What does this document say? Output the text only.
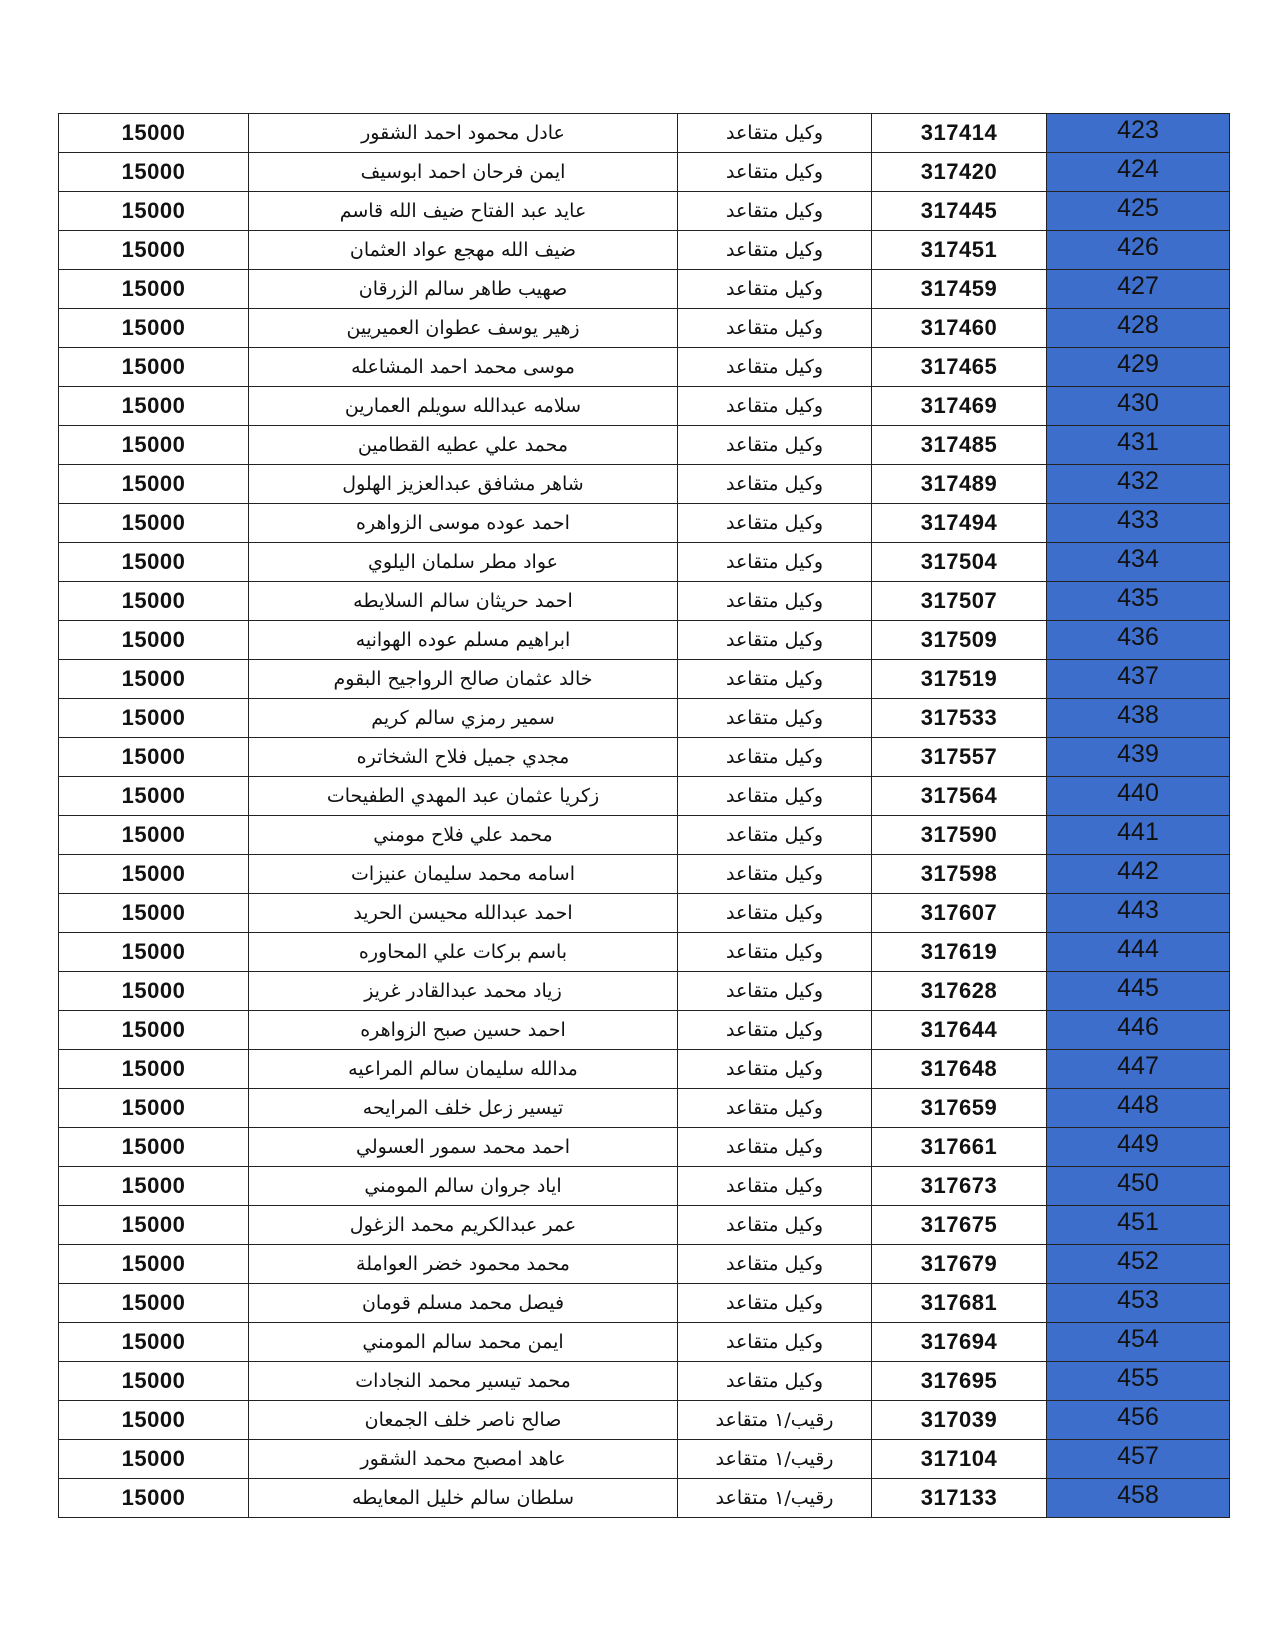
15000	عادل محمود احمد الشقور	وكيل متقاعد	317414	423
15000	ايمن فرحان احمد ابوسيف	وكيل متقاعد	317420	424
15000	عايد عبد الفتاح ضيف الله قاسم	وكيل متقاعد	317445	425
15000	ضيف الله مهجع عواد العثمان	وكيل متقاعد	317451	426
15000	صهيب طاهر سالم الزرقان	وكيل متقاعد	317459	427
15000	زهير يوسف عطوان العميريين	وكيل متقاعد	317460	428
15000	موسى محمد احمد المشاعله	وكيل متقاعد	317465	429
15000	سلامه عبدالله سويلم العمارين	وكيل متقاعد	317469	430
15000	محمد علي عطيه القطامين	وكيل متقاعد	317485	431
15000	شاهر مشافق عبدالعزيز الهلول	وكيل متقاعد	317489	432
15000	احمد عوده موسى الزواهره	وكيل متقاعد	317494	433
15000	عواد مطر سلمان اليلوي	وكيل متقاعد	317504	434
15000	احمد حريثان سالم السلايطه	وكيل متقاعد	317507	435
15000	ابراهيم مسلم عوده الهوانيه	وكيل متقاعد	317509	436
15000	خالد عثمان صالح الرواجيح البقوم	وكيل متقاعد	317519	437
15000	سمير رمزي سالم كريم	وكيل متقاعد	317533	438
15000	مجدي جميل فلاح الشخاتره	وكيل متقاعد	317557	439
15000	زكريا عثمان عبد المهدي الطفيحات	وكيل متقاعد	317564	440
15000	محمد علي فلاح مومني	وكيل متقاعد	317590	441
15000	اسامه محمد سليمان عنيزات	وكيل متقاعد	317598	442
15000	احمد عبدالله محيسن الحريد	وكيل متقاعد	317607	443
15000	باسم بركات علي المحاوره	وكيل متقاعد	317619	444
15000	زياد محمد عبدالقادر غريز	وكيل متقاعد	317628	445
15000	احمد حسين صبح الزواهره	وكيل متقاعد	317644	446
15000	مدالله سليمان سالم المراعيه	وكيل متقاعد	317648	447
15000	تيسير زعل خلف المرايحه	وكيل متقاعد	317659	448
15000	احمد محمد سمور العسولي	وكيل متقاعد	317661	449
15000	اياد جروان سالم المومني	وكيل متقاعد	317673	450
15000	عمر عبدالكريم محمد الزغول	وكيل متقاعد	317675	451
15000	محمد محمود خضر العواملة	وكيل متقاعد	317679	452
15000	فيصل محمد مسلم قومان	وكيل متقاعد	317681	453
15000	ايمن محمد سالم المومني	وكيل متقاعد	317694	454
15000	محمد تيسير محمد النجادات	وكيل متقاعد	317695	455
15000	صالح ناصر خلف الجمعان	رقيب/١ متقاعد	317039	456
15000	عاهد امصبح محمد الشقور	رقيب/١ متقاعد	317104	457
15000	سلطان سالم خليل المعايطه	رقيب/١ متقاعد	317133	458
